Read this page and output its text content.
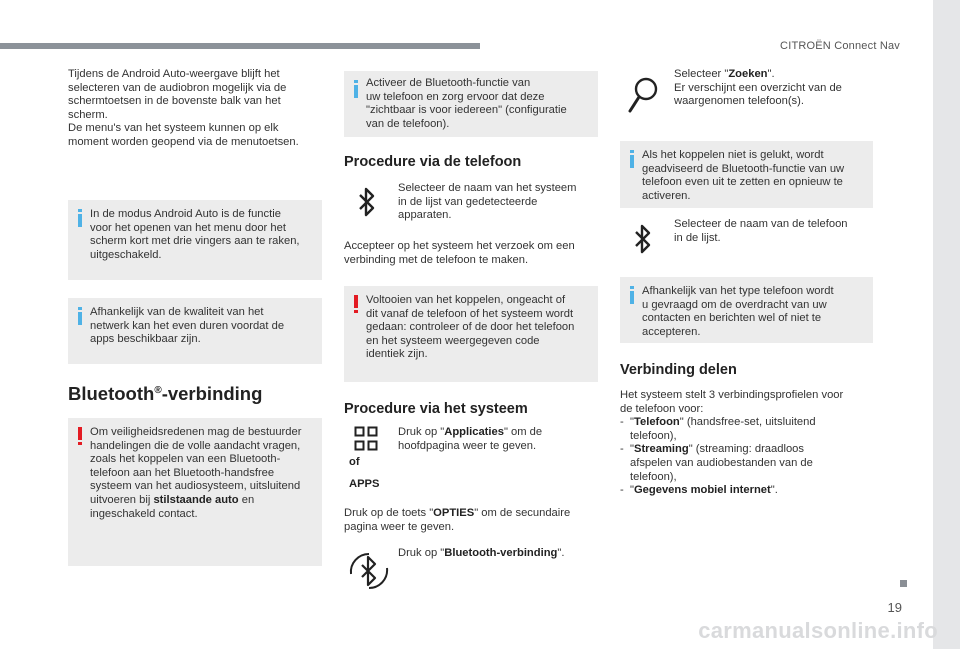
CITROËN Connect Nav
19
carmanualsonline.info
Tijdens de Android Auto-weergave blijft het
selecteren van de audiobron mogelijk via de
schermtoetsen in de bovenste balk van het
scherm.
De menu's van het systeem kunnen op elk
moment worden geopend via de menutoetsen.
In de modus Android Auto is de functie
voor het openen van het menu door het
scherm kort met drie vingers aan te raken,
uitgeschakeld.
Afhankelijk van de kwaliteit van het
netwerk kan het even duren voordat de
apps beschikbaar zijn.
Bluetooth®-verbinding
Om veiligheidsredenen mag de bestuurder
handelingen die de volle aandacht vragen,
zoals het koppelen van een Bluetooth-
telefoon aan het Bluetooth-handsfree
systeem van het audiosysteem, uitsluitend
uitvoeren bij stilstaande auto en
ingeschakeld contact.
Activeer de Bluetooth-functie van
uw telefoon en zorg ervoor dat deze
"zichtbaar is voor iedereen" (configuratie
van de telefoon).
Procedure via de telefoon
Selecteer de naam van het systeem
in de lijst van gedetecteerde
apparaten.
Accepteer op het systeem het verzoek om een
verbinding met de telefoon te maken.
Voltooien van het koppelen, ongeacht of
dit vanaf de telefoon of het systeem wordt
gedaan: controleer of de door het telefoon
en het systeem weergegeven code
identiek zijn.
Procedure via het systeem
of
APPS
Druk op "Applicaties" om de
hoofdpagina weer te geven.
Druk op de toets "OPTIES" om de secundaire
pagina weer te geven.
Druk op "Bluetooth-verbinding".
Selecteer "Zoeken".
Er verschijnt een overzicht van de
waargenomen telefoon(s).
Als het koppelen niet is gelukt, wordt
geadviseerd de Bluetooth-functie van uw
telefoon even uit te zetten en opnieuw te
activeren.
Selecteer de naam van de telefoon
in de lijst.
Afhankelijk van het type telefoon wordt
u gevraagd om de overdracht van uw
contacten en berichten wel of niet te
accepteren.
Verbinding delen
Het systeem stelt 3 verbindingsprofielen voor
de telefoon voor:
- "Telefoon" (handsfree-set, uitsluitend
telefoon),
- "Streaming" (streaming: draadloos
afspelen van audiobestanden van de
telefoon),
- "Gegevens mobiel internet".
